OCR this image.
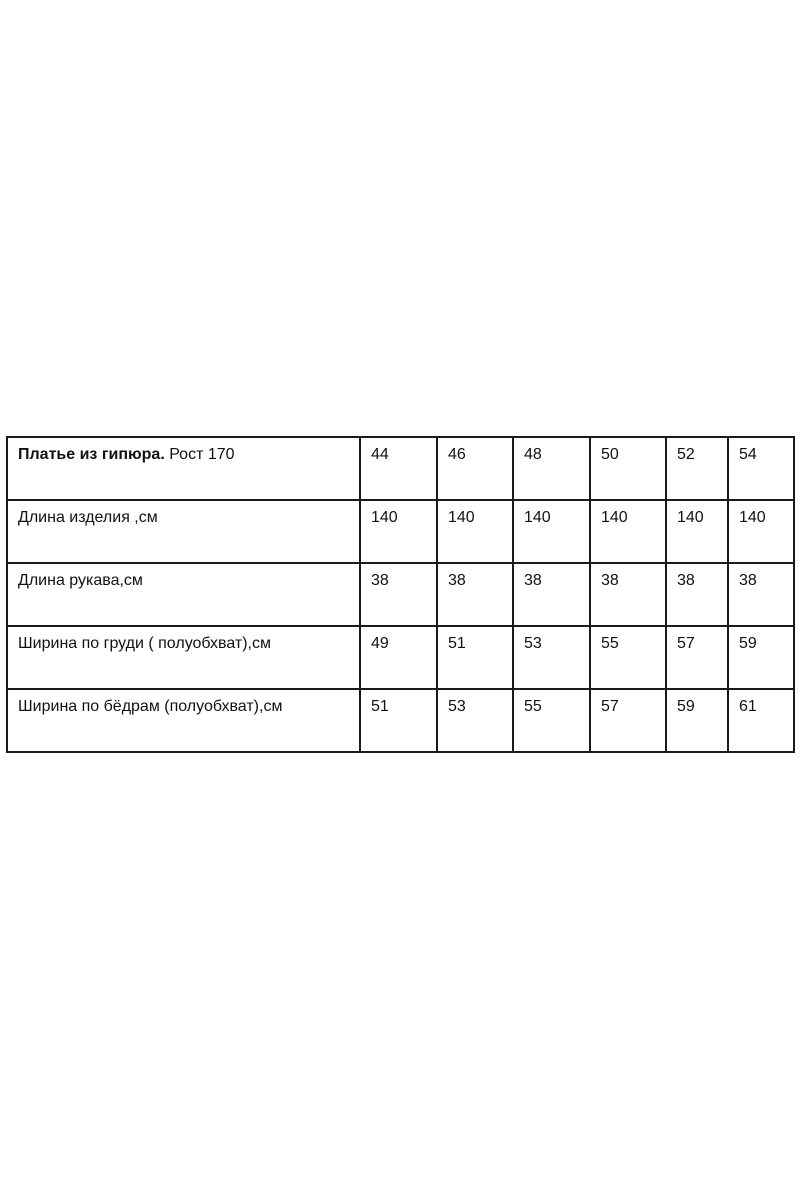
Платье из гипюра. Рост 170	44	46	48	50	52	54
Длина изделия ,см	140	140	140	140	140	140
Длина рукава,см	38	38	38	38	38	38
Ширина по груди ( полуобхват),см	49	51	53	55	57	59
Ширина по бёдрам (полуобхват),см	51	53	55	57	59	61
